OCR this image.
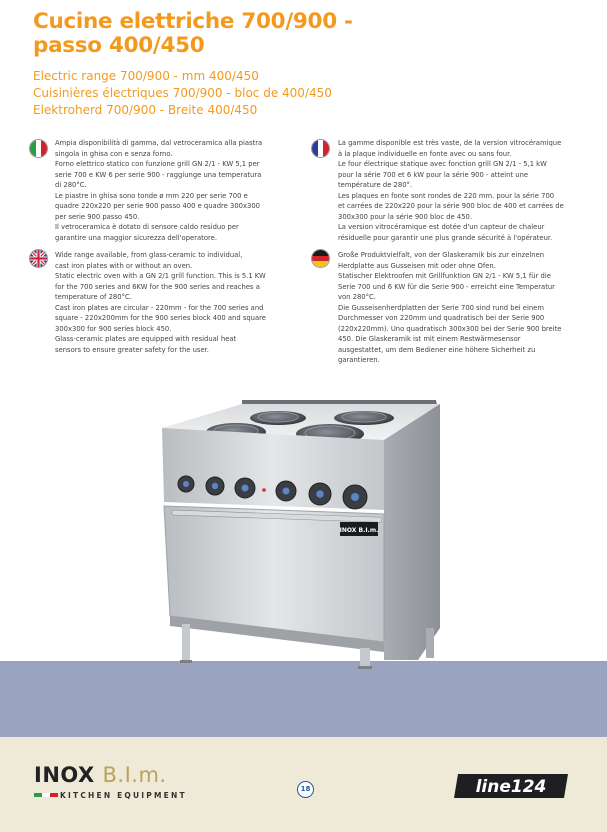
Cucine elettriche 700/900 -
passo 400/450
Electric range 700/900 - mm 400/450
Cuisinières électriques 700/900 - bloc de 400/450
Elektroherd 700/900 - Breite 400/450
Ampia disponibilità di gamma, dal vetroceramica alla piastra
singola in ghisa con e senza forno.
Forno elettrico statico con funzione grill GN 2/1 - KW 5,1 per
serie 700 e KW 6 per serie 900 - raggiunge una temperatura
di 280°C.
Le piastre in ghisa sono tonde ø mm 220 per serie 700 e
quadre 220x220 per serie 900 passo 400 e quadre 300x300
per serie 900 passo 450.
Il vetroceramica è dotato di sensore caldo residuo per
garantire una maggior sicurezza dell'operatore.
Wide range available, from glass-ceramic to individual,
cast iron plates with or without an oven.
Static electric oven with a GN 2/1 grill function. This is 5.1 KW
for the 700 series and 6KW for the 900 series and reaches a
temperature of 280°C.
Cast iron plates are circular - 220mm - for the 700 series and
square - 220x200mm for the 900 series block 400 and square
300x300 for 900 series block 450.
Glass-ceramic plates are equipped with residual heat
sensors to ensure greater safety for the user.
La gamme disponible est très vaste, de la version vitrocéramique
à la plaque individuelle en fonte avec ou sans four.
Le four électrique statique avec fonction grill GN 2/1 - 5,1 kW
pour la série 700 et 6 kW pour la série 900 - atteint une
température de 280°.
Les plaques en fonte sont rondes de 220 mm. pour la série 700
et carrées de 220x220 pour la série 900 bloc de 400 et carrées de
300x300 pour la série 900 bloc de 450.
La version vitrocéramique est dotée d'un capteur de chaleur
résiduelle pour garantir une plus grande sécurité à l'opérateur.
Große Produktvielfalt, von der Glaskeramik bis zur einzelnen
Herdplatte aus Gusseisen mit oder ohne Ofen.
Statischer Elektroofen mit Grillfunktion GN 2/1 - KW 5,1 für die
Serie 700 und 6 KW für die Serie 900 - erreicht eine Temperatur
von 280°C.
Die Gusseisenherdplatten der Serie 700 sind rund bei einem
Durchmesser von 220mm und quadratisch bei der Serie 900
(220x220mm). Uno quadratisch 300x300 bei der Serie 900 breite
450. Die Glaskeramik ist mit einem Restwärmesensor
ausgestattet, um dem Bediener eine höhere Sicherheit zu
garantieren.
INOX B.I.m.
INOX B.I.m.
KITCHEN EQUIPMENT
18	line124
